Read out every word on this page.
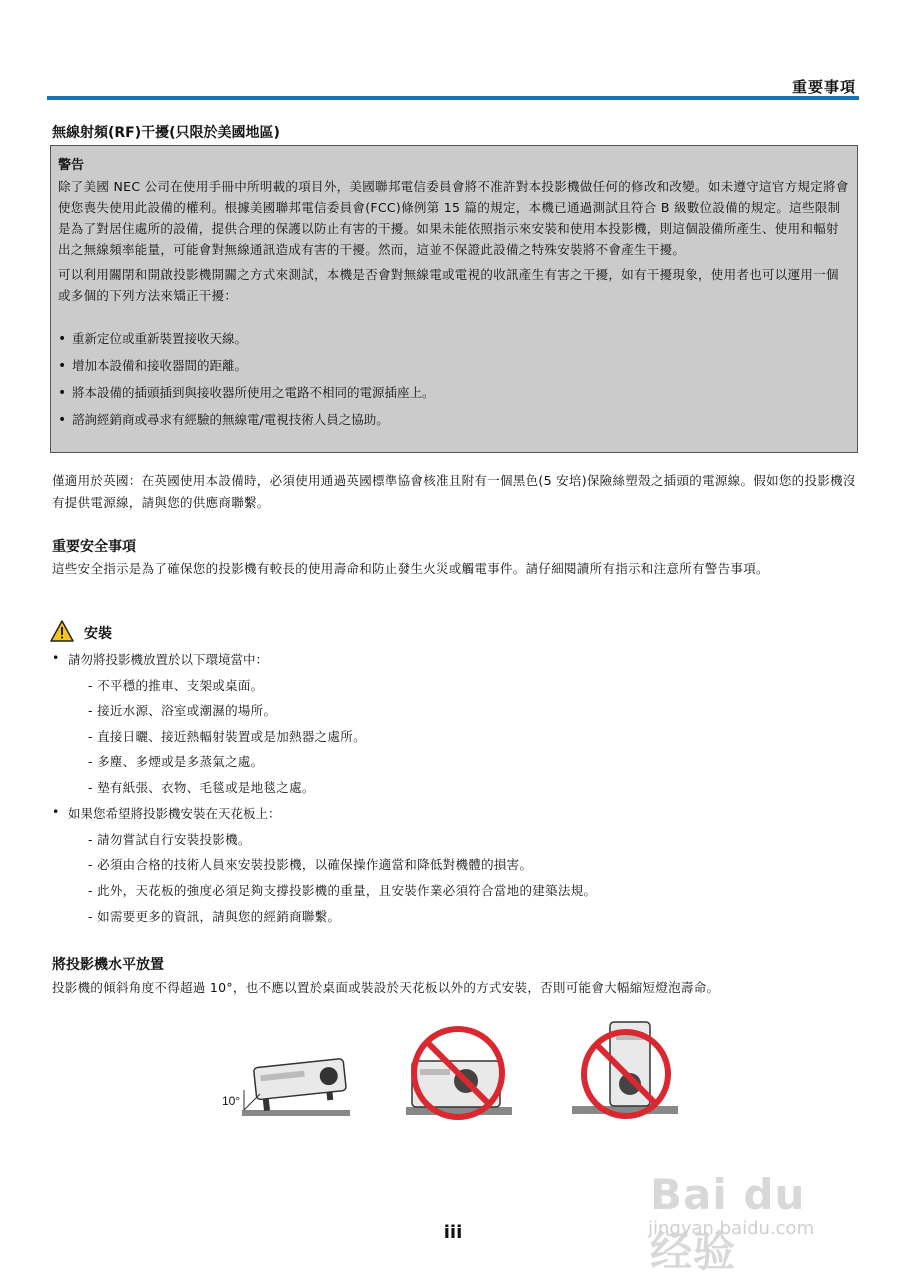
重要事項
無線射頻(RF)干擾(只限於美國地區)
警告

除了美國 NEC 公司在使用手冊中所明載的項目外，美國聯邦電信委員會將不准許對本投影機做任何的修改和改變。如未遵守這官方規定將會使您喪失使用此設備的權利。根據美國聯邦電信委員會(FCC)條例第 15 篇的規定，本機已通過測試且符合 B 級數位設備的規定。這些限制是為了對居住處所的設備，提供合理的保護以防止有害的干擾。如果未能依照指示來安裝和使用本投影機，則這個設備所產生、使用和輻射出之無線頻率能量，可能會對無線通訊造成有害的干擾。然而，這並不保證此設備之特殊安裝將不會產生干擾。

可以利用關閉和開啟投影機開關之方式來測試，本機是否會對無線電或電視的收訊產生有害之干擾，如有干擾現象，使用者也可以運用一個或多個的下列方法來矯正干擾：

• 重新定位或重新裝置接收天線。
• 增加本設備和接收器間的距離。
• 將本設備的插頭插到與接收器所使用之電路不相同的電源插座上。
• 諮詢經銷商或尋求有經驗的無線電/電視技術人員之協助。
僅適用於英國：在英國使用本設備時，必須使用通過英國標準協會核准且附有一個黑色(5 安培)保險絲塑殼之插頭的電源線。假如您的投影機沒有提供電源線，請與您的供應商聯繫。
重要安全事項
這些安全指示是為了確保您的投影機有較長的使用壽命和防止發生火災或觸電事件。請仔細閱讀所有指示和注意所有警告事項。
安裝
• 請勿將投影機放置於以下環境當中：
- 不平穩的推車、支架或桌面。
- 接近水源、浴室或潮濕的場所。
- 直接日曬、接近熱輻射裝置或是加熱器之處所。
- 多塵、多煙或是多蒸氣之處。
- 墊有紙張、衣物、毛毯或是地毯之處。
• 如果您希望將投影機安裝在天花板上：
- 請勿嘗試自行安裝投影機。
- 必須由合格的技術人員來安裝投影機，以確保操作適當和降低對機體的損害。
- 此外，天花板的強度必須足夠支撐投影機的重量，且安裝作業必須符合當地的建築法規。
- 如需要更多的資訊，請與您的經銷商聯繫。
將投影機水平放置
投影機的傾斜角度不得超過 10°，也不應以置於桌面或裝設於天花板以外的方式安裝，否則可能會大幅縮短燈泡壽命。
10°
Bai du 经验
jingyan.baidu.com
iii
